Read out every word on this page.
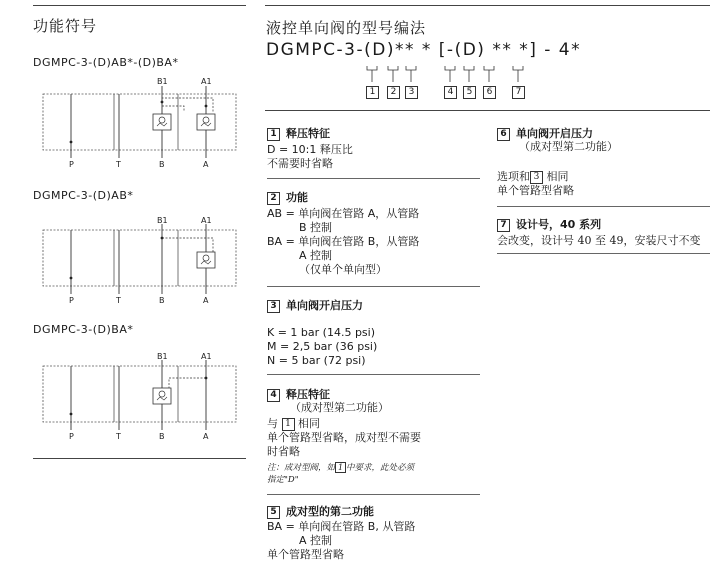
功能符号
DGMPC-3-(D)AB*-(D)BA*
B1	A1
P	T	B	A
DGMPC-3-(D)AB*
B1	A1
P	T	B	A
DGMPC-3-(D)BA*
B1	A1
P	T	B	A
液控单向阀的型号编法
DGMPC-3-(D)** * [-(D) ** *] - 4*
1	2	3	4	5	6	7
1 释压特征
D = 10:1 释压比
不需要时省略
2 功能
AB = 单向阀在管路 A，从管路
B 控制
BA = 单向阀在管路 B，从管路
A 控制
（仅单个单向型）
3 单向阀开启压力
K = 1 bar (14.5 psi)
M = 2,5 bar (36 psi)
N = 5 bar (72 psi)
4 释压特征
（成对型第二功能）
与 1 相同
单个管路型省略，成对型不需要
时省略
注：成对型阀，如 1 中要求，此处必须
指定"D"
5 成对型的第二功能
BA = 单向阀在管路 B, 从管路
A 控制
单个管路型省略
6 单向阀开启压力
（成对型第二功能）
选项和 3 相同
单个管路型省略
7 设计号，40 系列
会改变，设计号 40 至 49，安装尺寸不变
